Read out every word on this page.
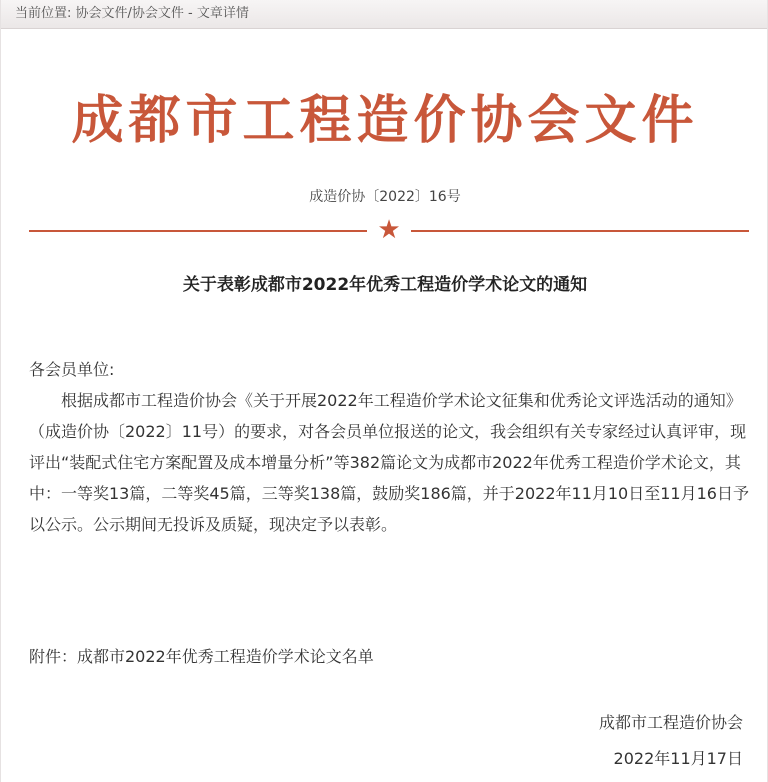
当前位置: 协会文件/协会文件 - 文章详情
成都市工程造价协会文件
成造价协〔2022〕16号
★
关于表彰成都市2022年优秀工程造价学术论文的通知

各会员单位:

根据成都市工程造价协会《关于开展2022年工程造价学术论文征集和优秀论文评选活动的通知》（成造价协〔2022〕11号）的要求，对各会员单位报送的论文，我会组织有关专家经过认真评审，现评出“装配式住宅方案配置及成本增量分析”等382篇论文为成都市2022年优秀工程造价学术论文，其中：一等奖13篇，二等奖45篇，三等奖138篇，鼓励奖186篇，并于2022年11月10日至11月16日予以公示。公示期间无投诉及质疑，现决定予以表彰。

附件：成都市2022年优秀工程造价学术论文名单
成都市工程造价协会
2022年11月17日
